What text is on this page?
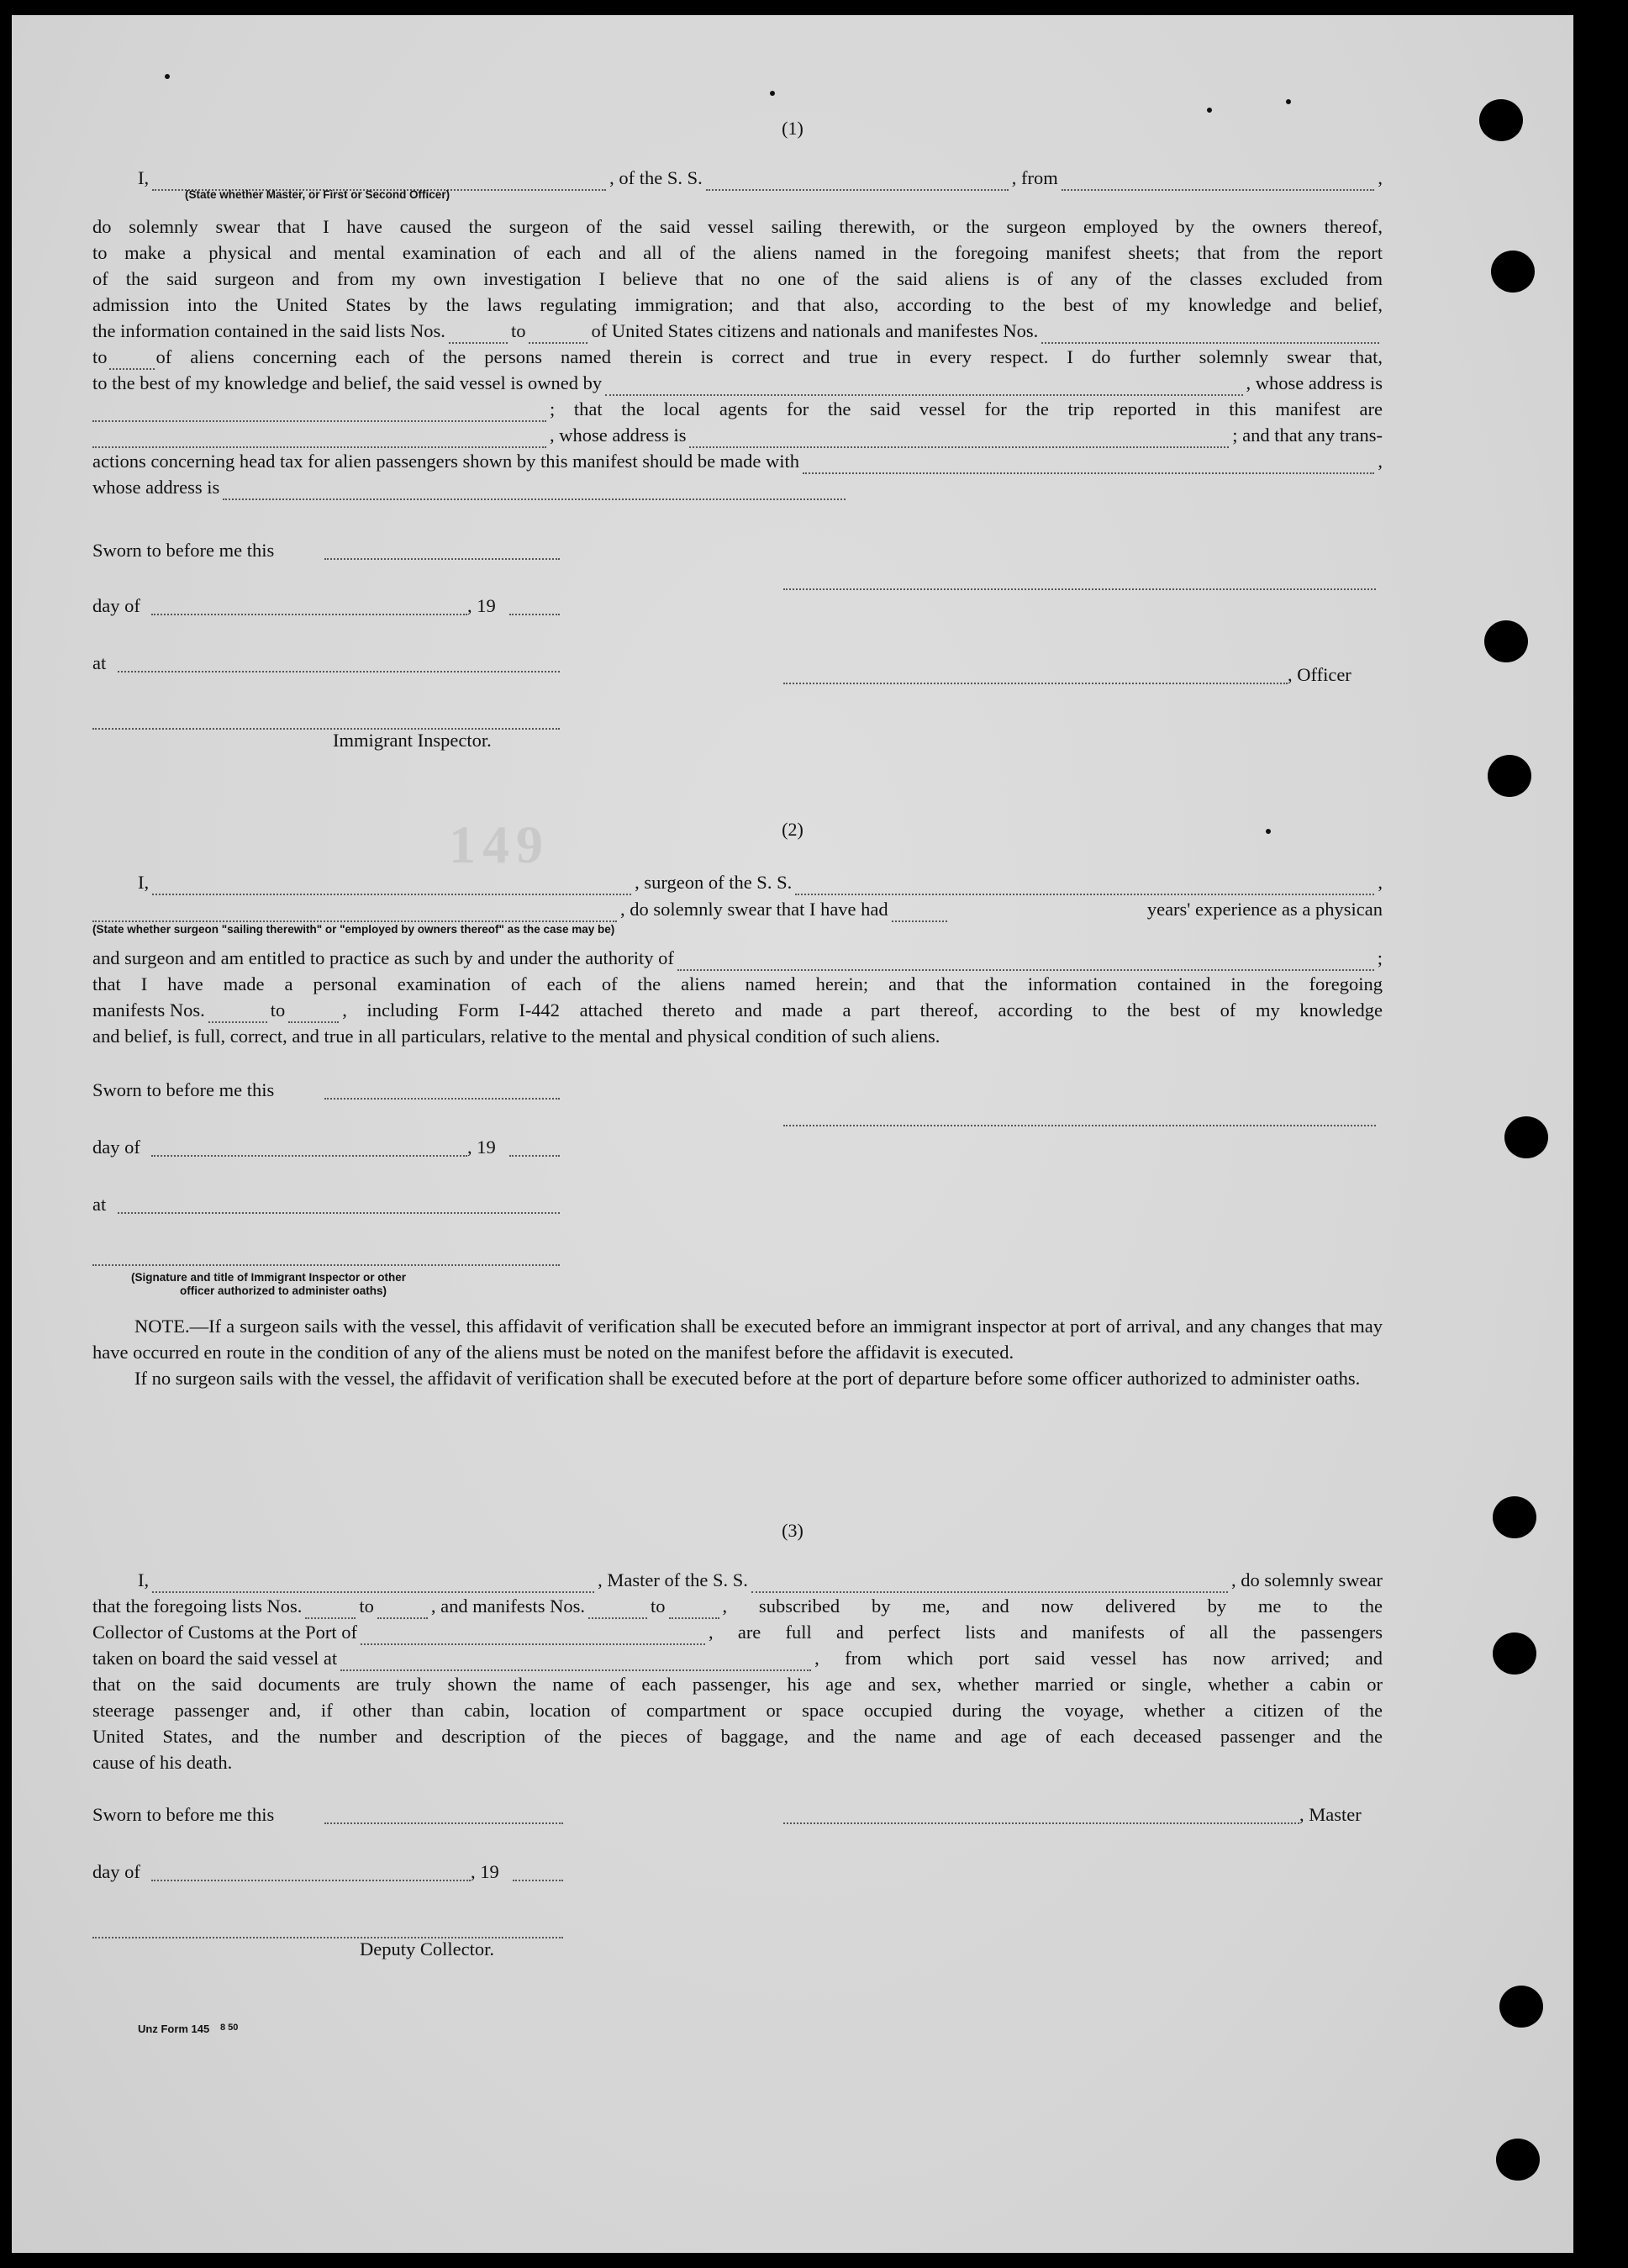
149
(1)
I,	, of the S. S.	, from	,
(State whether Master, or First or Second Officer)
do solemnly swear that I have caused the surgeon of the said vessel sailing therewith, or the surgeon employed by the owners thereof,
to make a physical and mental examination of each and all of the aliens named in the foregoing manifest sheets; that from the report
of the said surgeon and from my own investigation I believe that no one of the said aliens is of any of the classes excluded from
admission into the United States by the laws regulating immigration; and that also, according to the best of my knowledge and belief,
the information contained in the said lists Nos.	to	of United States citizens and nationals and manifestes Nos.
to	of aliens concerning each of the persons named therein is correct and true in every respect. I do further solemnly swear that,
to the best of my knowledge and belief, the said vessel is owned by	, whose address is
; that the local agents for the said vessel for the trip reported in this manifest are
, whose address is	; and that any trans-
actions concerning head tax for alien passengers shown by this manifest should be made with	,
whose address is
Sworn to before me this
day of	, 19
at
, Officer
Immigrant Inspector.
(2)
I,	, surgeon of the S. S.	,
, do solemnly swear that I have had	years' experience as a physican
(State whether surgeon "sailing therewith" or "employed by owners thereof" as the case may be)
and surgeon and am entitled to practice as such by and under the authority of	;
that I have made a personal examination of each of the aliens named herein; and that the information contained in the foregoing
manifests Nos.	to	, including Form I-442 attached thereto and made a part thereof, according to the best of my knowledge
and belief, is full, correct, and true in all particulars, relative to the mental and physical condition of such aliens.
Sworn to before me this
day of	, 19
at
(Signature and title of Immigrant Inspector or other
officer authorized to administer oaths)

NOTE.—If a surgeon sails with the vessel, this affidavit of verification shall be executed before an immigrant inspector at port of arrival, and any changes that may have occurred en route in the condition of any of the aliens must be noted on the manifest before the affidavit is executed.

If no surgeon sails with the vessel, the affidavit of verification shall be executed before at the port of departure before some officer authorized to administer oaths.

(3)
I,	, Master of the S. S.	, do solemnly swear
that the foregoing lists Nos.	to	, and manifests Nos.	to	, subscribed by me, and now delivered by me to the
Collector of Customs at the Port of	, are full and perfect lists and manifests of all the passengers
taken on board the said vessel at	, from which port said vessel has now arrived; and
that on the said documents are truly shown the name of each passenger, his age and sex, whether married or single, whether a cabin or
steerage passenger and, if other than cabin, location of compartment or space occupied during the voyage, whether a citizen of the
United States, and the number and description of the pieces of baggage, and the name and age of each deceased passenger and the
cause of his death.
Sworn to before me this	, Master
day of	, 19
Deputy Collector.
Unz Form 145 8 50
